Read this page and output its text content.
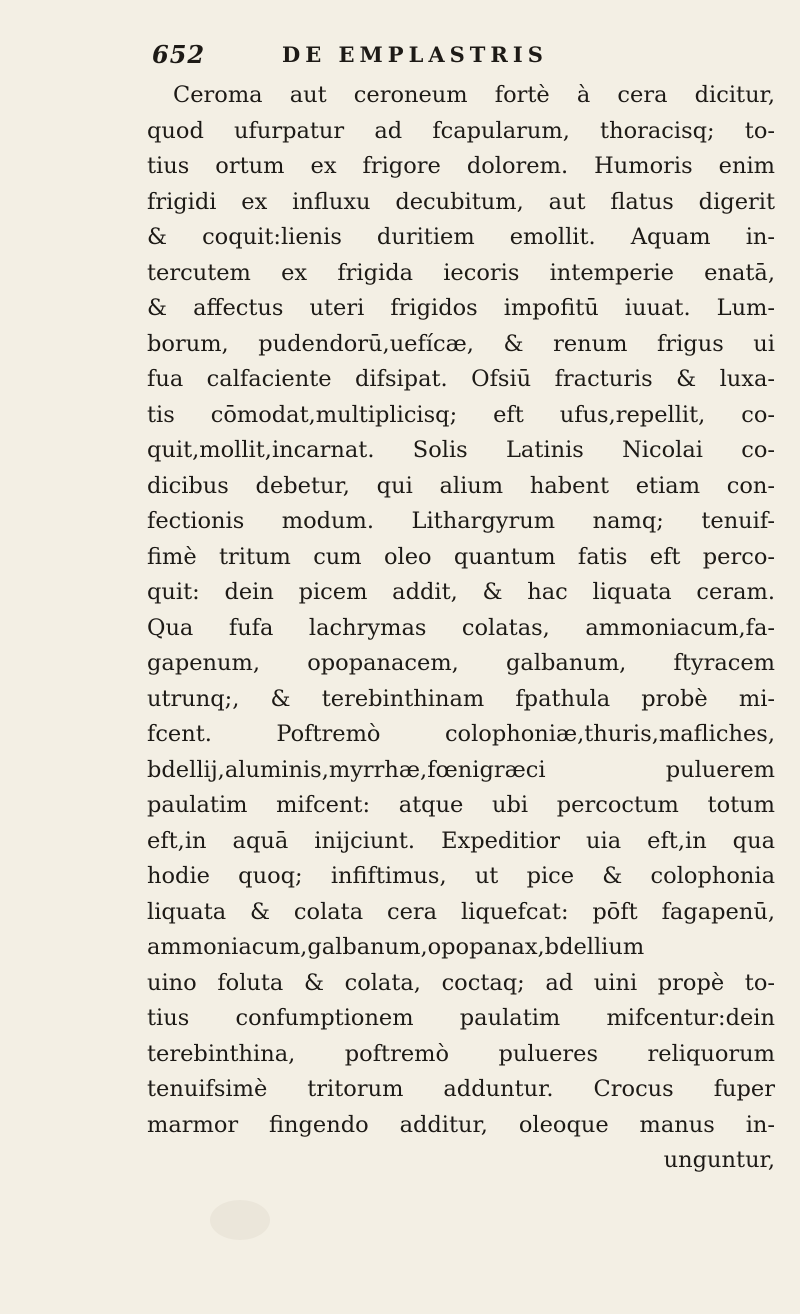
652	DE EMPLASTRIS
Ceroma aut ceroneum fortè à cera dicitur,
quod ufurpatur ad fcapularum, thoracisq; to-
tius ortum ex frigore dolorem. Humoris enim
frigidi ex influxu decubitum, aut flatus digerit
& coquit:lienis duritiem emollit. Aquam in-
tercutem ex frigida iecoris intemperie enatā,
& affectus uteri frigidos impofitū iuuat. Lum-
borum, pudendorū,uefícæ, & renum frigus ui
fua calfaciente difsipat. Ofsiū fracturis & luxa-
tis cōmodat,multiplicisq; eft ufus,repellit, co-
quit,mollit,incarnat. Solis Latinis Nicolai co-
dicibus debetur, qui alium habent etiam con-
fectionis modum. Lithargyrum namq; tenuif-
fimè tritum cum oleo quantum fatis eft perco-
quit: dein picem addit, & hac liquata ceram.
Qua fufa lachrymas colatas, ammoniacum,fa-
gapenum, opopanacem, galbanum, ftyracem
utrunq;, & terebinthinam fpathula probè mi-
fcent. Poftremò colophoniæ,thuris,mafliches,
bdellij,aluminis,myrrhæ,fœnigræci puluerem
paulatim mifcent: atque ubi percoctum totum
eft,in aquā inijciunt. Expeditior uia eft,in qua
hodie quoq; infiftimus, ut pice & colophonia
liquata & colata cera liquefcat: pōft fagapenū,
ammoniacum,galbanum,opopanax,bdellium
uino foluta & colata, coctaq; ad uini propè to-
tius confumptionem paulatim mifcentur:dein
terebinthina, poftremò pulueres reliquorum
tenuifsimè tritorum adduntur. Crocus fuper
marmor fingendo additur, oleoque manus in-
unguntur,
